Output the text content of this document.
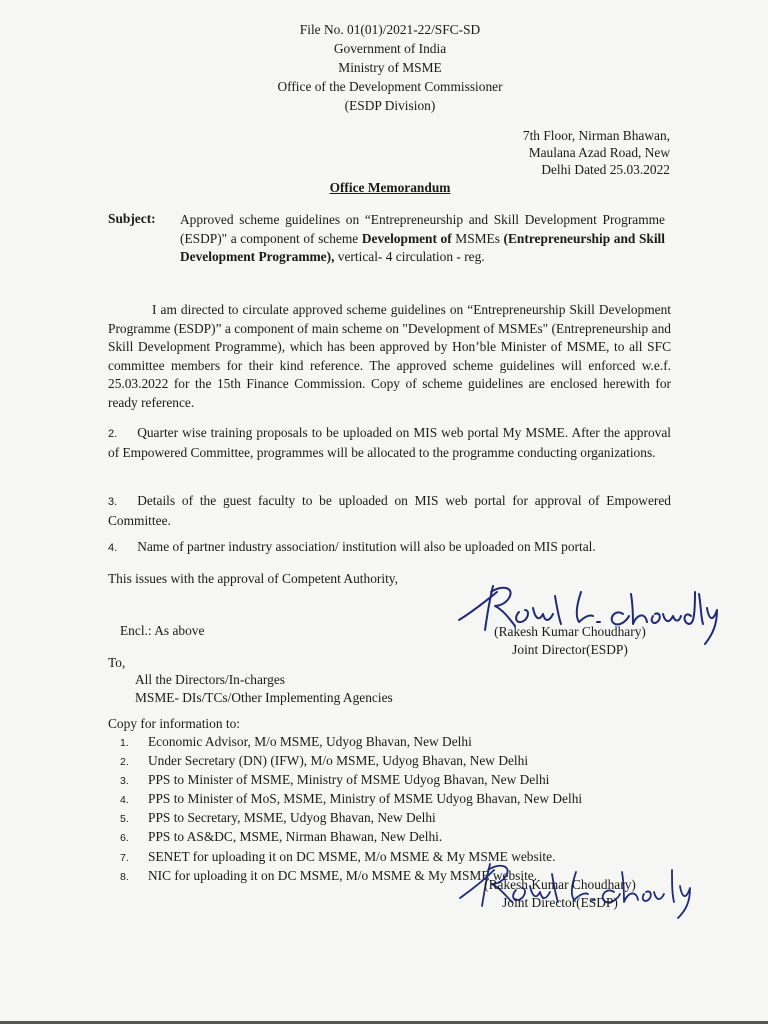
File No. 01(01)/2021-22/SFC-SD
Government of India
Ministry of MSME
Office of the Development Commissioner
(ESDP Division)
7th Floor, Nirman Bhawan,
Maulana Azad Road, New
Delhi Dated 25.03.2022
Office Memorandum
Subject: Approved scheme guidelines on “Entrepreneurship and Skill Development Programme (ESDP)" a component of scheme Development of MSMEs (Entrepreneurship and Skill Development Programme), vertical- 4 circulation - reg.
I am directed to circulate approved scheme guidelines on “Entrepreneurship Skill Development Programme (ESDP)” a component of main scheme on "Development of MSMEs" (Entrepreneurship and Skill Development Programme), which has been approved by Hon’ble Minister of MSME, to all SFC committee members for their kind reference. The approved scheme guidelines will enforced w.e.f. 25.03.2022 for the 15th Finance Commission. Copy of scheme guidelines are enclosed herewith for ready reference.
2. Quarter wise training proposals to be uploaded on MIS web portal My MSME. After the approval of Empowered Committee, programmes will be allocated to the programme conducting organizations.
3. Details of the guest faculty to be uploaded on MIS web portal for approval of Empowered Committee.
4. Name of partner industry association/ institution will also be uploaded on MIS portal.
This issues with the approval of Competent Authority,
Encl.: As above	(Rakesh Kumar Choudhary)
Joint Director(ESDP)
To,
All the Directors/In-charges
MSME- DIs/TCs/Other Implementing Agencies
Copy for information to:
1.	Economic Advisor, M/o MSME, Udyog Bhavan, New Delhi
2.	Under Secretary (DN) (IFW), M/o MSME, Udyog Bhavan, New Delhi
3.	PPS to Minister of MSME, Ministry of MSME Udyog Bhavan, New Delhi
4.	PPS to Minister of MoS, MSME, Ministry of MSME Udyog Bhavan, New Delhi
5.	PPS to Secretary, MSME, Udyog Bhavan, New Delhi
6.	PPS to AS&DC, MSME, Nirman Bhawan, New Delhi.
7.	SENET for uploading it on DC MSME, M/o MSME & My MSME website.
8.	NIC for uploading it on DC MSME, M/o MSME & My MSME website.
(Rakesh Kumar Choudhary)
Joint Director(ESDP)
